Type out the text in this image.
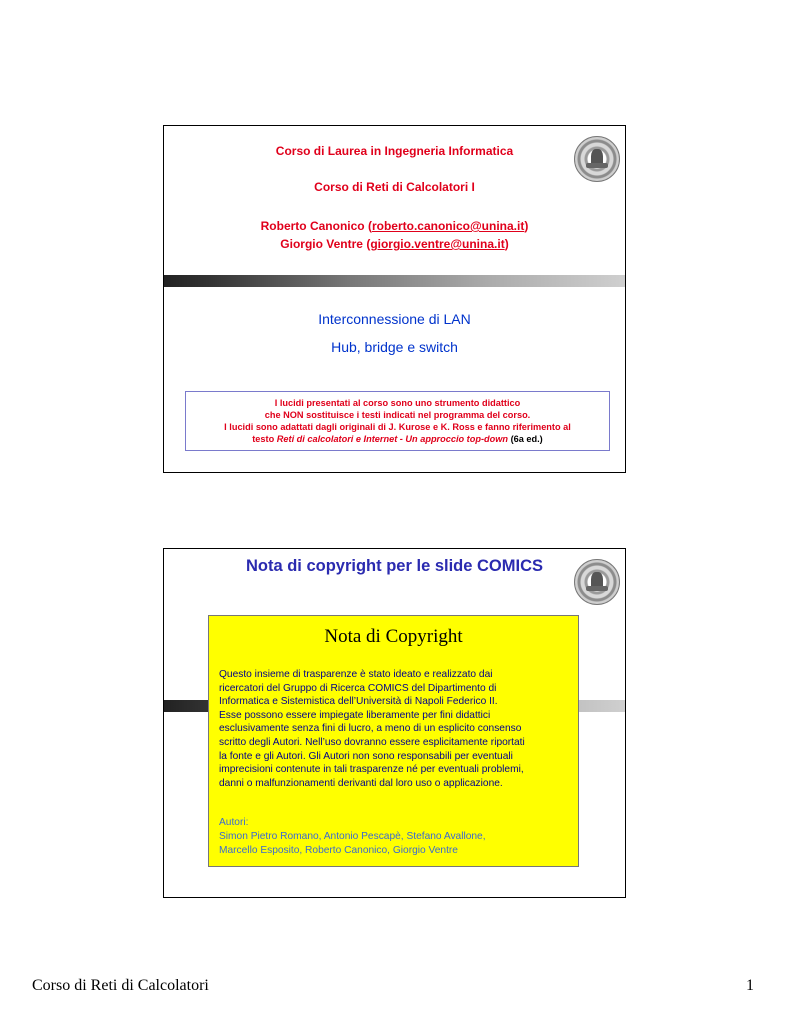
Corso di Laurea in Ingegneria Informatica
Corso di Reti di Calcolatori I
Roberto Canonico (roberto.canonico@unina.it)
Giorgio Ventre (giorgio.ventre@unina.it)
Interconnessione di LAN
Hub, bridge e switch
I lucidi presentati al corso sono uno strumento didattico
che NON sostituisce i testi indicati nel programma del corso.
I lucidi sono adattati dagli originali di J. Kurose e K. Ross e fanno riferimento al
testo Reti di calcolatori e Internet - Un approccio top-down (6a ed.)
Nota di copyright per le slide COMICS
Nota di Copyright
Questo insieme di trasparenze è stato ideato e realizzato dai
ricercatori del Gruppo di Ricerca COMICS del Dipartimento di
Informatica e Sistemistica dell’Università di Napoli Federico II.
Esse possono essere impiegate liberamente per fini didattici
esclusivamente senza fini di lucro, a meno di un esplicito consenso
scritto degli Autori. Nell’uso dovranno essere esplicitamente riportati
la fonte e gli Autori. Gli Autori non sono responsabili per eventuali
imprecisioni contenute in tali trasparenze né per eventuali problemi,
danni o malfunzionamenti derivanti dal loro uso o applicazione.
Autori:
Simon Pietro Romano, Antonio Pescapè, Stefano Avallone,
Marcello Esposito, Roberto Canonico, Giorgio Ventre
Corso di Reti di Calcolatori	1
